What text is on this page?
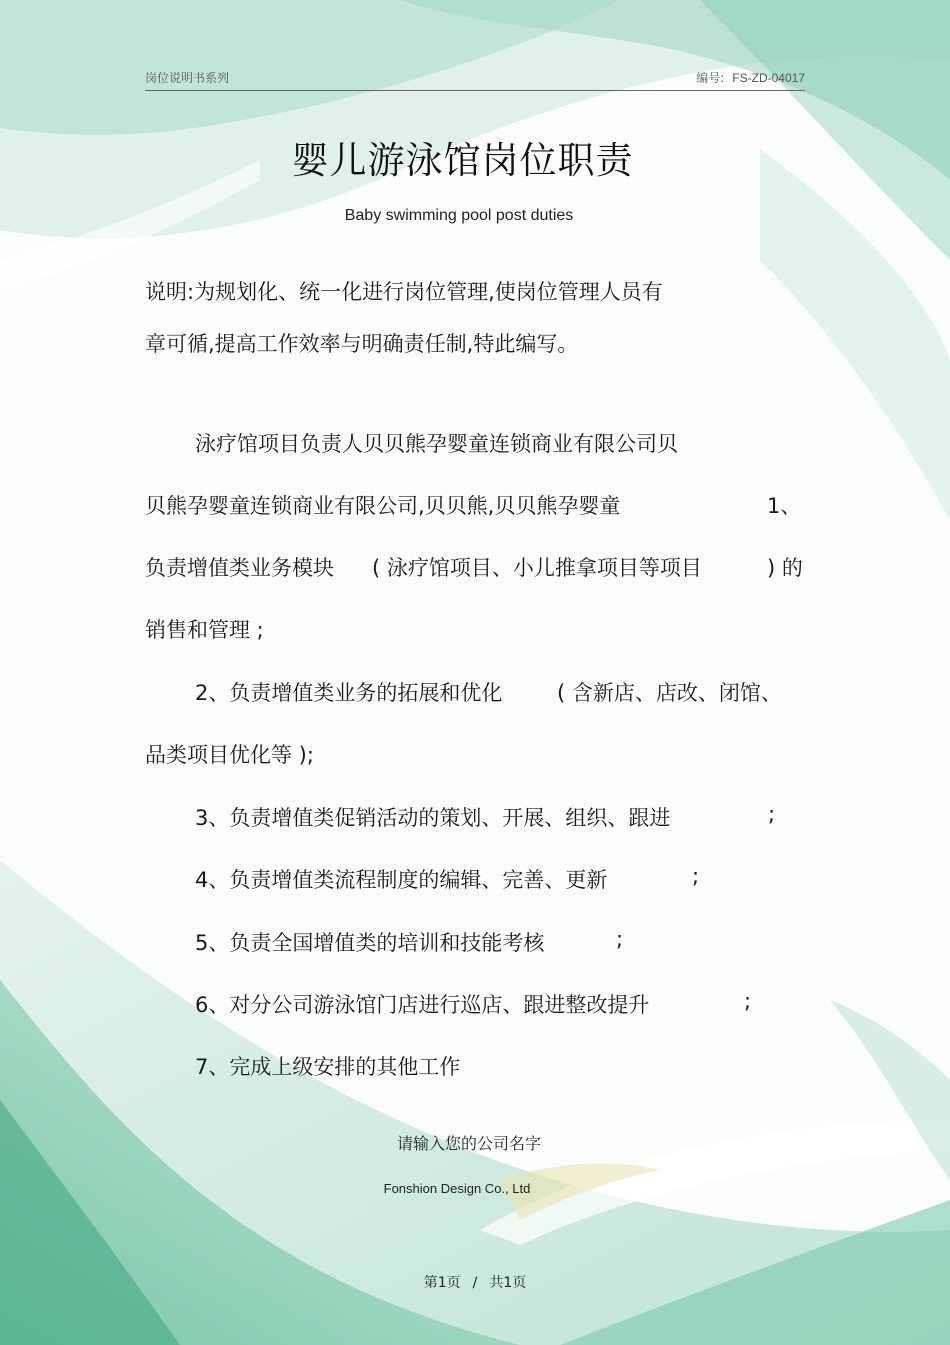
岗位说明书系列	编号: FS-ZD-04017
婴儿游泳馆岗位职责
Baby swimming pool post duties
说明:为规划化、统一化进行岗位管理,使岗位管理人员有
章可循,提高工作效率与明确责任制,特此编写。
泳疗馆项目负责人贝贝熊孕婴童连锁商业有限公司贝
贝熊孕婴童连锁商业有限公司,贝贝熊,贝贝熊孕婴童	1、
负责增值类业务模块 ( 泳疗馆项目、小儿推拿项目等项目	) 的
销售和管理 ;
2、负责增值类业务的拓展和优化	( 含新店、店改、闭馆、
品类项目优化等 );
3、负责增值类促销活动的策划、开展、组织、跟进	;
4、负责增值类流程制度的编辑、完善、更新	;
5、负责全国增值类的培训和技能考核	;
6、对分公司游泳馆门店进行巡店、跟进整改提升	;
7、完成上级安排的其他工作
请输入您的公司名字
Fonshion Design Co., Ltd
第1页 / 共1页
